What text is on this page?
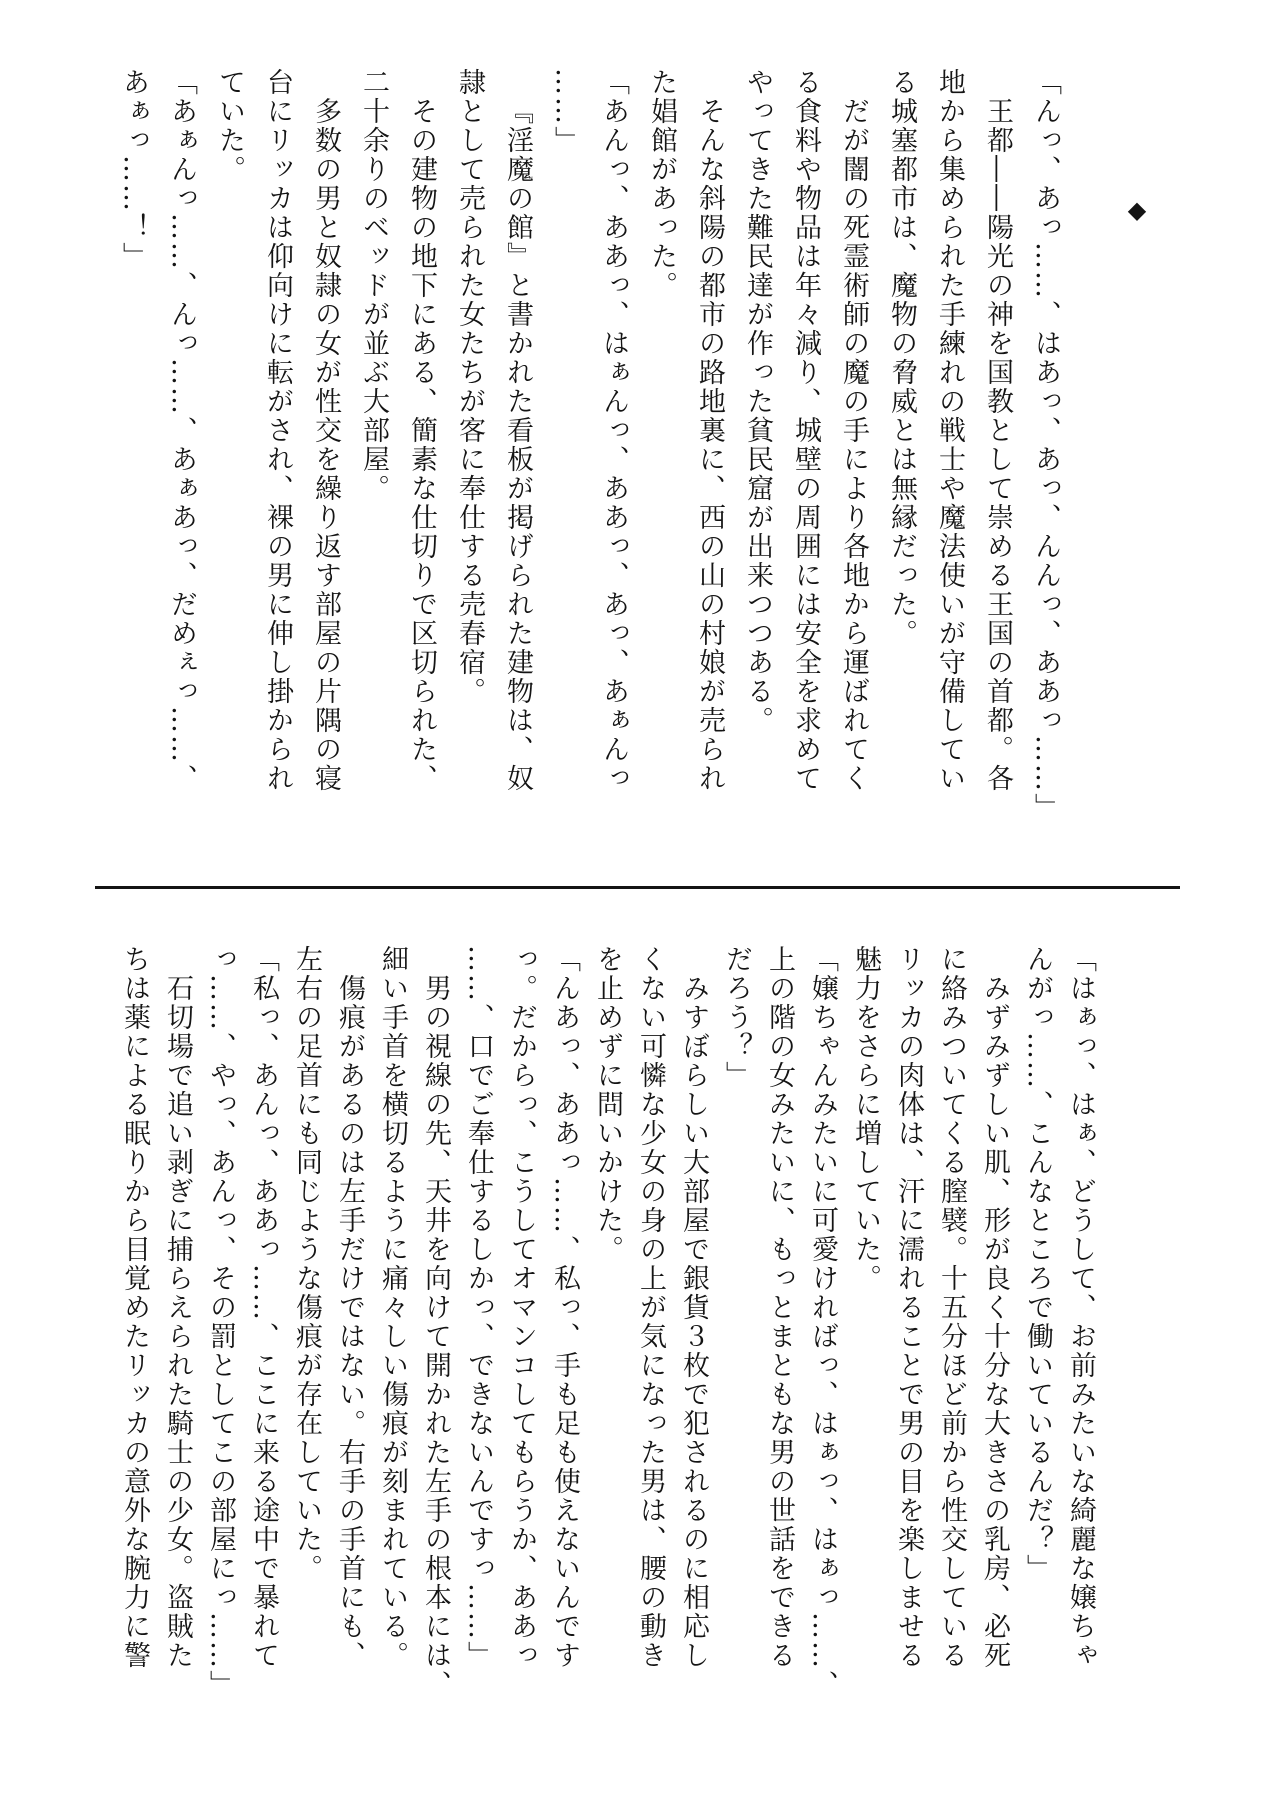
◆

「んっ、あっ……、はあっ、あっ、んんっ、ああっ……」

王都――陽光の神を国教として崇める王国の首都。各

地から集められた手練れの戦士や魔法使いが守備してい

る城塞都市は、魔物の脅威とは無縁だった。

だが闇の死霊術師の魔の手により各地から運ばれてく

る食料や物品は年々減り、城壁の周囲には安全を求めて

やってきた難民達が作った貧民窟が出来つつある。

そんな斜陽の都市の路地裏に、西の山の村娘が売られ

た娼館があった。

「あんっ、ああっ、はぁんっ、ああっ、あっ、あぁんっ

……」

『淫魔の館』と書かれた看板が掲げられた建物は、奴

隷として売られた女たちが客に奉仕する売春宿。

その建物の地下にある、簡素な仕切りで区切られた、

二十余りのベッドが並ぶ大部屋。

多数の男と奴隷の女が性交を繰り返す部屋の片隅の寝

台にリッカは仰向けに転がされ、裸の男に伸し掛かられ

ていた。

「あぁんっ……、んっ……、あぁあっ、だめぇっ……、

あぁっ……！」

「はぁっ、はぁ、どうして、お前みたいな綺麗な嬢ちゃ

んがっ……、こんなところで働いているんだ？」

みずみずしい肌、形が良く十分な大きさの乳房、必死

に絡みついてくる膣襞。十五分ほど前から性交している

リッカの肉体は、汗に濡れることで男の目を楽しませる

魅力をさらに増していた。

「嬢ちゃんみたいに可愛ければっ、はぁっ、はぁっ……、

上の階の女みたいに、もっとまともな男の世話をできる

だろう？」

みすぼらしい大部屋で銀貨３枚で犯されるのに相応し

くない可憐な少女の身の上が気になった男は、腰の動き

を止めずに問いかけた。

「んあっ、ああっ……、私っ、手も足も使えないんです

っ。だからっ、こうしてオマンコしてもらうか、ああっ

……、口でご奉仕するしかっ、できないんですっ……」

男の視線の先、天井を向けて開かれた左手の根本には、

細い手首を横切るように痛々しい傷痕が刻まれている。

傷痕があるのは左手だけではない。右手の手首にも、

左右の足首にも同じような傷痕が存在していた。

「私っ、あんっ、ああっ……、ここに来る途中で暴れて

っ……、やっ、あんっ、その罰としてこの部屋にっ……」

石切場で追い剥ぎに捕らえられた騎士の少女。盗賊た

ちは薬による眠りから目覚めたリッカの意外な腕力に警
